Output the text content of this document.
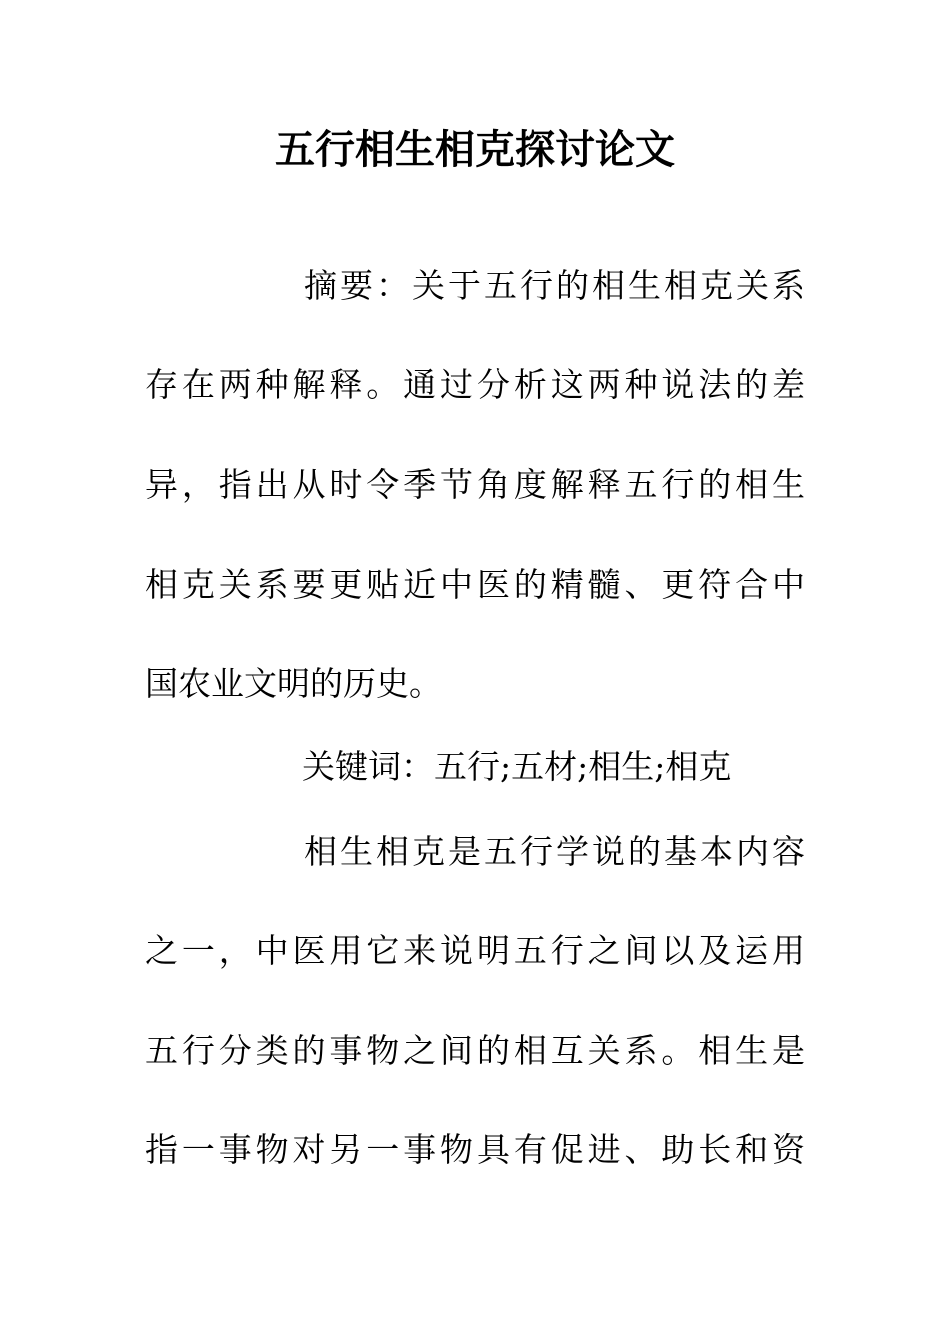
五行相生相克探讨论文

摘要：关于五行的相生相克关系

存在两种解释。通过分析这两种说法的差

异，指出从时令季节角度解释五行的相生

相克关系要更贴近中医的精髓、更符合中

国农业文明的历史。

关键词：五行;五材;相生;相克

相生相克是五行学说的基本内容

之一，中医用它来说明五行之间以及运用

五行分类的事物之间的相互关系。相生是

指一事物对另一事物具有促进、助长和资
